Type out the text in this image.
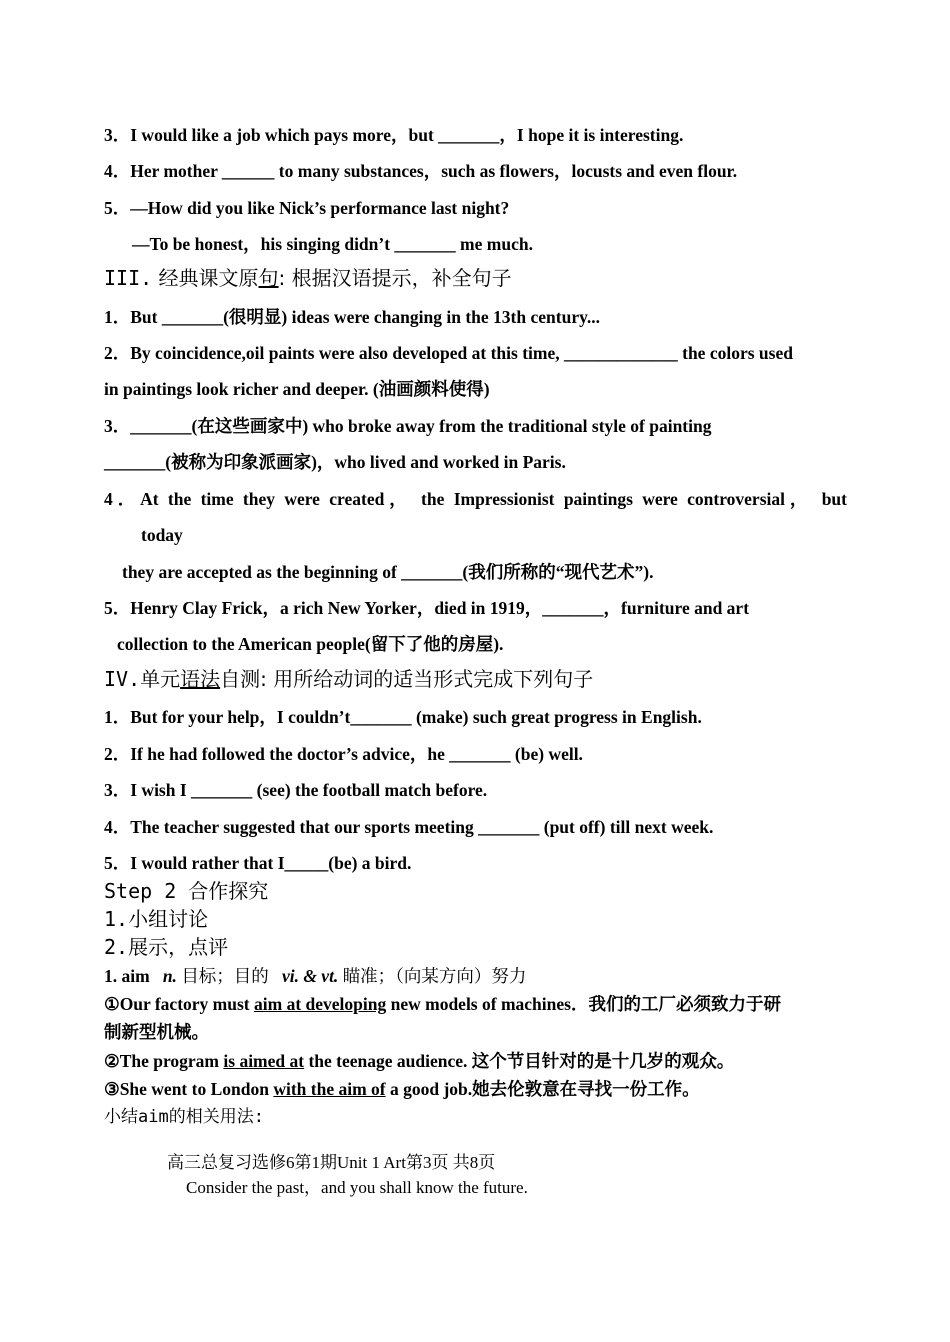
3．I would like a job which pays more，but _______，I hope it is interesting.
4．Her mother ______ to many substances，such as flowers，locusts and even flour.
5．—How did you like Nick’s performance last night?
—To be honest，his singing didn’t _______ me much.
III. 经典课文原句: 根据汉语提示，补全句子
1．But _______(很明显) ideas were changing in the 13th century...
2．By coincidence,oil paints were also developed at this time, _____________ the colors used
in paintings look richer and deeper. (油画颜料使得)
3．_______(在这些画家中) who broke away from the traditional style of painting
_______(被称为印象派画家)，who lived and worked in Paris.
4．At the time they were created， the Impressionist paintings were controversial， but
today
they are accepted as the beginning of _______(我们所称的“现代艺术”).
5．Henry Clay Frick，a rich New Yorker，died in 1919，_______，furniture and art
collection to the American people(留下了他的房屋).
IV.单元语法自测: 用所给动词的适当形式完成下列句子
1．But for your help，I couldn’t_______ (make) such great progress in English.
2．If he had followed the doctor’s advice，he _______ (be) well.
3．I wish I _______ (see) the football match before.
4．The teacher suggested that our sports meeting _______ (put off) till next week.
5．I would rather that I_____(be) a bird.
Step 2 合作探究
1.小组讨论
2.展示，点评
1. aim n. 目标；目的 vi. & vt. 瞄准；（向某方向）努力
①Our factory must aim at developing new models of machines．我们的工厂必须致力于研
制新型机械。
②The program is aimed at the teenage audience. 这个节目针对的是十几岁的观众。
③She went to London with the aim of a good job.她去伦敦意在寻找一份工作。
小结aim的相关用法:
高三总复习选修6第1期Unit 1 Art第3页 共8页
Consider the past，and you shall know the future.
